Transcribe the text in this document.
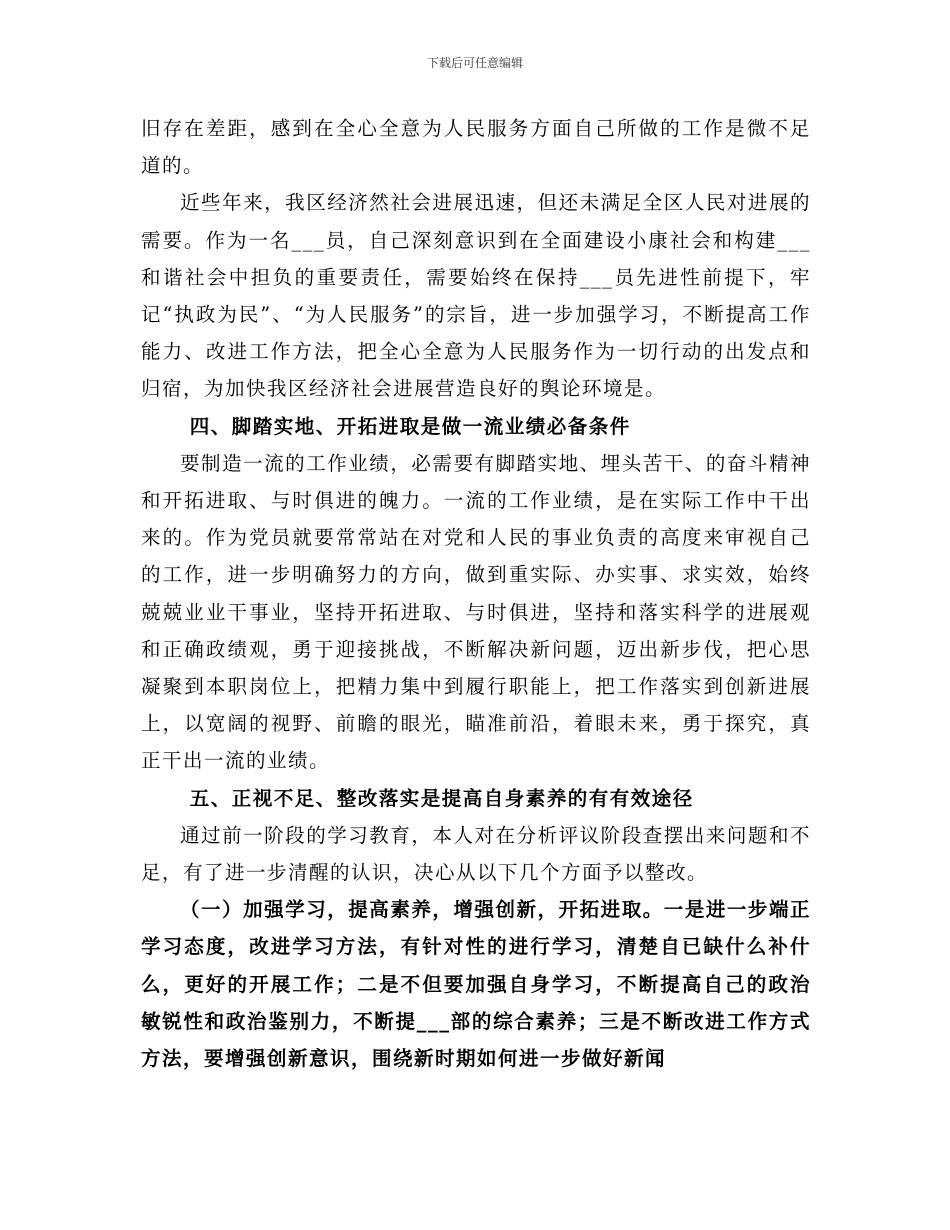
下载后可任意编辑

旧存在差距，感到在全心全意为人民服务方面自己所做的工作是微不足道的。

近些年来，我区经济然社会进展迅速，但还未满足全区人民对进展的需要。作为一名___员，自己深刻意识到在全面建设小康社会和构建___和谐社会中担负的重要责任，需要始终在保持___员先进性前提下，牢记“执政为民”、“为人民服务”的宗旨，进一步加强学习，不断提高工作能力、改进工作方法，把全心全意为人民服务作为一切行动的出发点和归宿，为加快我区经济社会进展营造良好的舆论环境是。

四、脚踏实地、开拓进取是做一流业绩必备条件

要制造一流的工作业绩，必需要有脚踏实地、埋头苦干、的奋斗精神和开拓进取、与时俱进的魄力。一流的工作业绩，是在实际工作中干出来的。作为党员就要常常站在对党和人民的事业负责的高度来审视自己的工作，进一步明确努力的方向，做到重实际、办实事、求实效，始终兢兢业业干事业，坚持开拓进取、与时俱进，坚持和落实科学的进展观和正确政绩观，勇于迎接挑战，不断解决新问题，迈出新步伐，把心思凝聚到本职岗位上，把精力集中到履行职能上，把工作落实到创新进展上，以宽阔的视野、前瞻的眼光，瞄准前沿，着眼未来，勇于探究，真正干出一流的业绩。

五、正视不足、整改落实是提高自身素养的有有效途径

通过前一阶段的学习教育，本人对在分析评议阶段查摆出来问题和不足，有了进一步清醒的认识，决心从以下几个方面予以整改。

（一）加强学习，提高素养，增强创新，开拓进取。一是进一步端正学习态度，改进学习方法，有针对性的进行学习，清楚自已缺什么补什么，更好的开展工作；二是不但要加强自身学习，不断提高自己的政治敏锐性和政治鉴别力，不断提___部的综合素养；三是不断改进工作方式方法，要增强创新意识，围绕新时期如何进一步做好新闻
